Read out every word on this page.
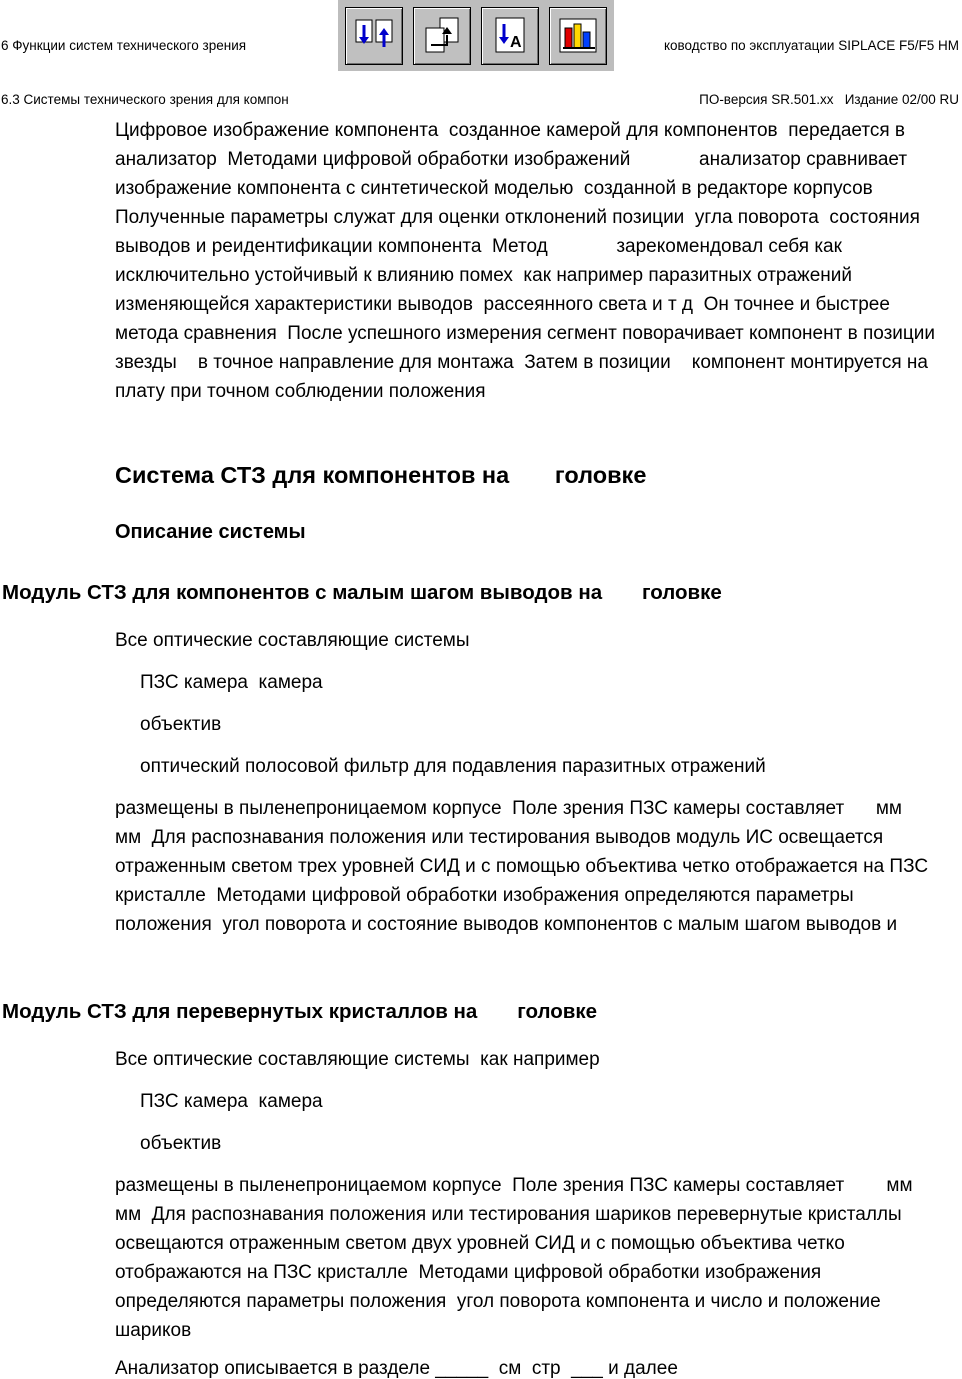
6 Функции систем технического зрения

6.3 Системы технического зрения для компон

ководство по эксплуатации SIPLACE F5/F5 HM

ПО-версия SR.501.xx   Издание 02/00 RU

A
Цифровое изображение компонента  созданное камерой для компонентов  передается в анализатор  Методами цифровой обработки изображений             анализатор сравнивает изображение компонента с синтетической моделью  созданной в редакторе корпусов  Полученные параметры служат для оценки отклонений позиции  угла поворота  состояния выводов и реидентификации компонента  Метод             зарекомендовал себя как исключительно устойчивый к влиянию помех  как например паразитных отражений  изменяющейся характеристики выводов  рассеянного света и т д  Он точнее и быстрее метода сравнения  После успешного измерения сегмент поворачивает компонент в позиции звезды    в точное направление для монтажа  Затем в позиции    компонент монтируется на плату при точном соблюдении положения
Система СТЗ для компонентов на       головке
Описание системы
Модуль СТЗ для компонентов с малым шагом выводов на       головке
Все оптические составляющие системы
ПЗС камера  камера
объектив
оптический полосовой фильтр для подавления паразитных отражений
размещены в пыленепроницаемом корпусе  Поле зрения ПЗС камеры составляет      мм     мм  Для распознавания положения или тестирования выводов модуль ИС освещается отраженным светом трех уровней СИД и с помощью объектива четко отображается на ПЗС кристалле  Методами цифровой обработки изображения определяются параметры положения  угол поворота и состояние выводов компонентов с малым шагом выводов и
Модуль СТЗ для перевернутых кристаллов на       головке
Все оптические составляющие системы  как например
ПЗС камера  камера
объектив
размещены в пыленепроницаемом корпусе  Поле зрения ПЗС камеры составляет        мм        мм  Для распознавания положения или тестирования шариков перевернутые кристаллы освещаются отраженным светом двух уровней СИД и с помощью объектива четко отображаются на ПЗС кристалле  Методами цифровой обработки изображения определяются параметры положения  угол поворота компонента и число и положение шариков
Анализатор описывается в разделе _____  см  стр  ___ и далее
